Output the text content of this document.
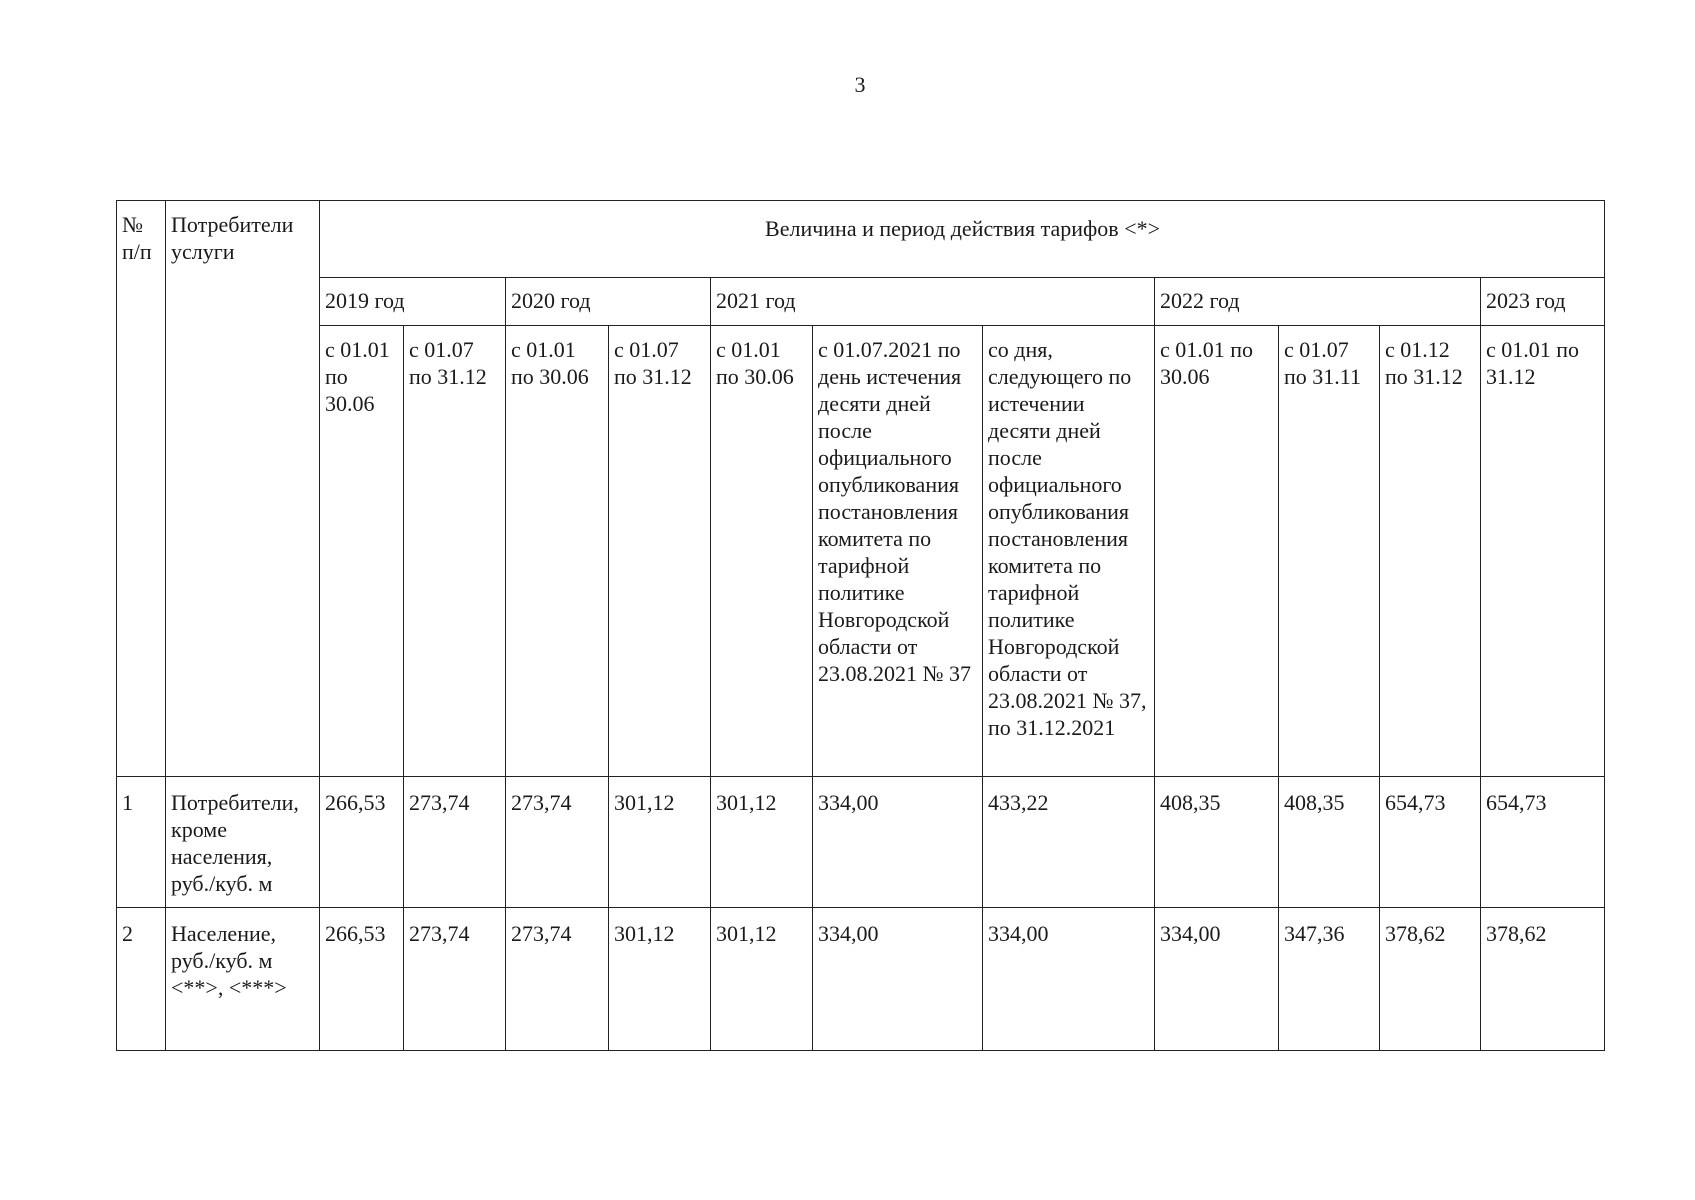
3
№ п/п	Потребители услуги	Величина и период действия тарифов <*>										
		2019 год		2020 год		2021 год			2022 год			2023 год
		с 01.01 по 30.06	с 01.07 по 31.12	с 01.01 по 30.06	с 01.07 по 31.12	с 01.01 по 30.06	с 01.07.2021 по день истечения десяти дней после официального опубликования постановления комитета по тарифной политике Новгородской области от 23.08.2021 № 37	со дня, следующего по истечении десяти дней после официального опубликования постановления комитета по тарифной политике Новгородской области от 23.08.2021 № 37, по 31.12.2021	с 01.01 по 30.06	с 01.07 по 31.11	с 01.12 по 31.12	с 01.01 по 31.12
1	Потребители, кроме населения, руб./куб. м	266,53	273,74	273,74	301,12	301,12	334,00	433,22	408,35	408,35	654,73	654,73
2	Население, руб./куб. м <**>, <***>	266,53	273,74	273,74	301,12	301,12	334,00	334,00	334,00	347,36	378,62	378,62
